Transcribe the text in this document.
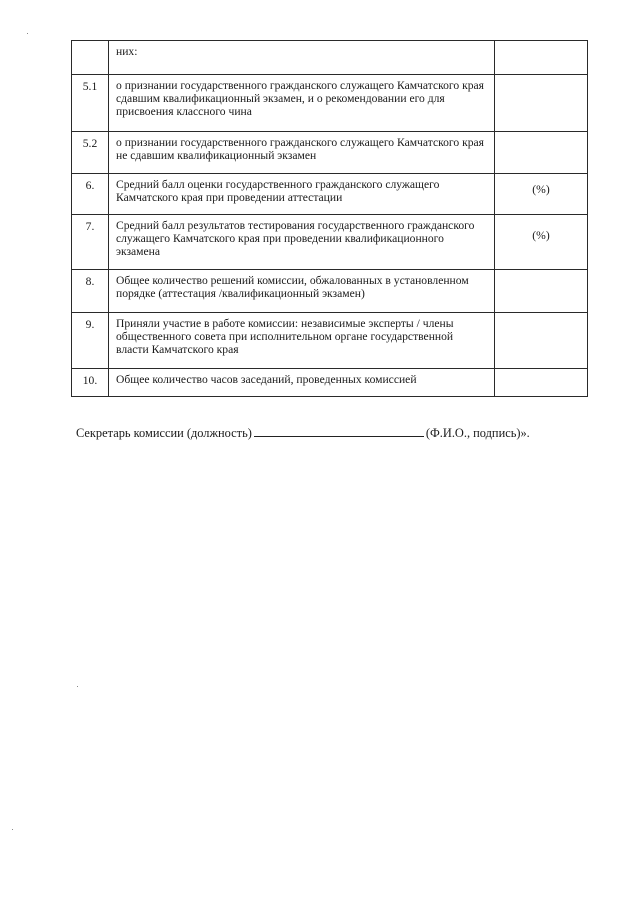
	них:	

5.1	о признании государственного гражданского служащего Камчатского края сдавшим квалификационный экзамен, и о рекомендовании его для присвоения классного чина	

5.2	о признании государственного гражданского служащего Камчатского края не сдавшим квалификационный экзамен	

6.	Средний балл оценки государственного гражданского служащего Камчатского края при проведении аттестации	(%)

7.	Средний балл результатов тестирования государственного гражданского служащего Камчатского края при проведении квалификационного экзамена	(%)

8.	Общее количество решений комиссии, обжалованных в установленном порядке (аттестация /квалификационный экзамен)	

9.	Приняли участие в работе комиссии: независимые эксперты / члены общественного совета при исполнительном органе государственной власти Камчатского края	

10.	Общее количество часов заседаний, проведенных комиссией	

Секретарь комиссии (должность)	(Ф.И.О., подпись)».
